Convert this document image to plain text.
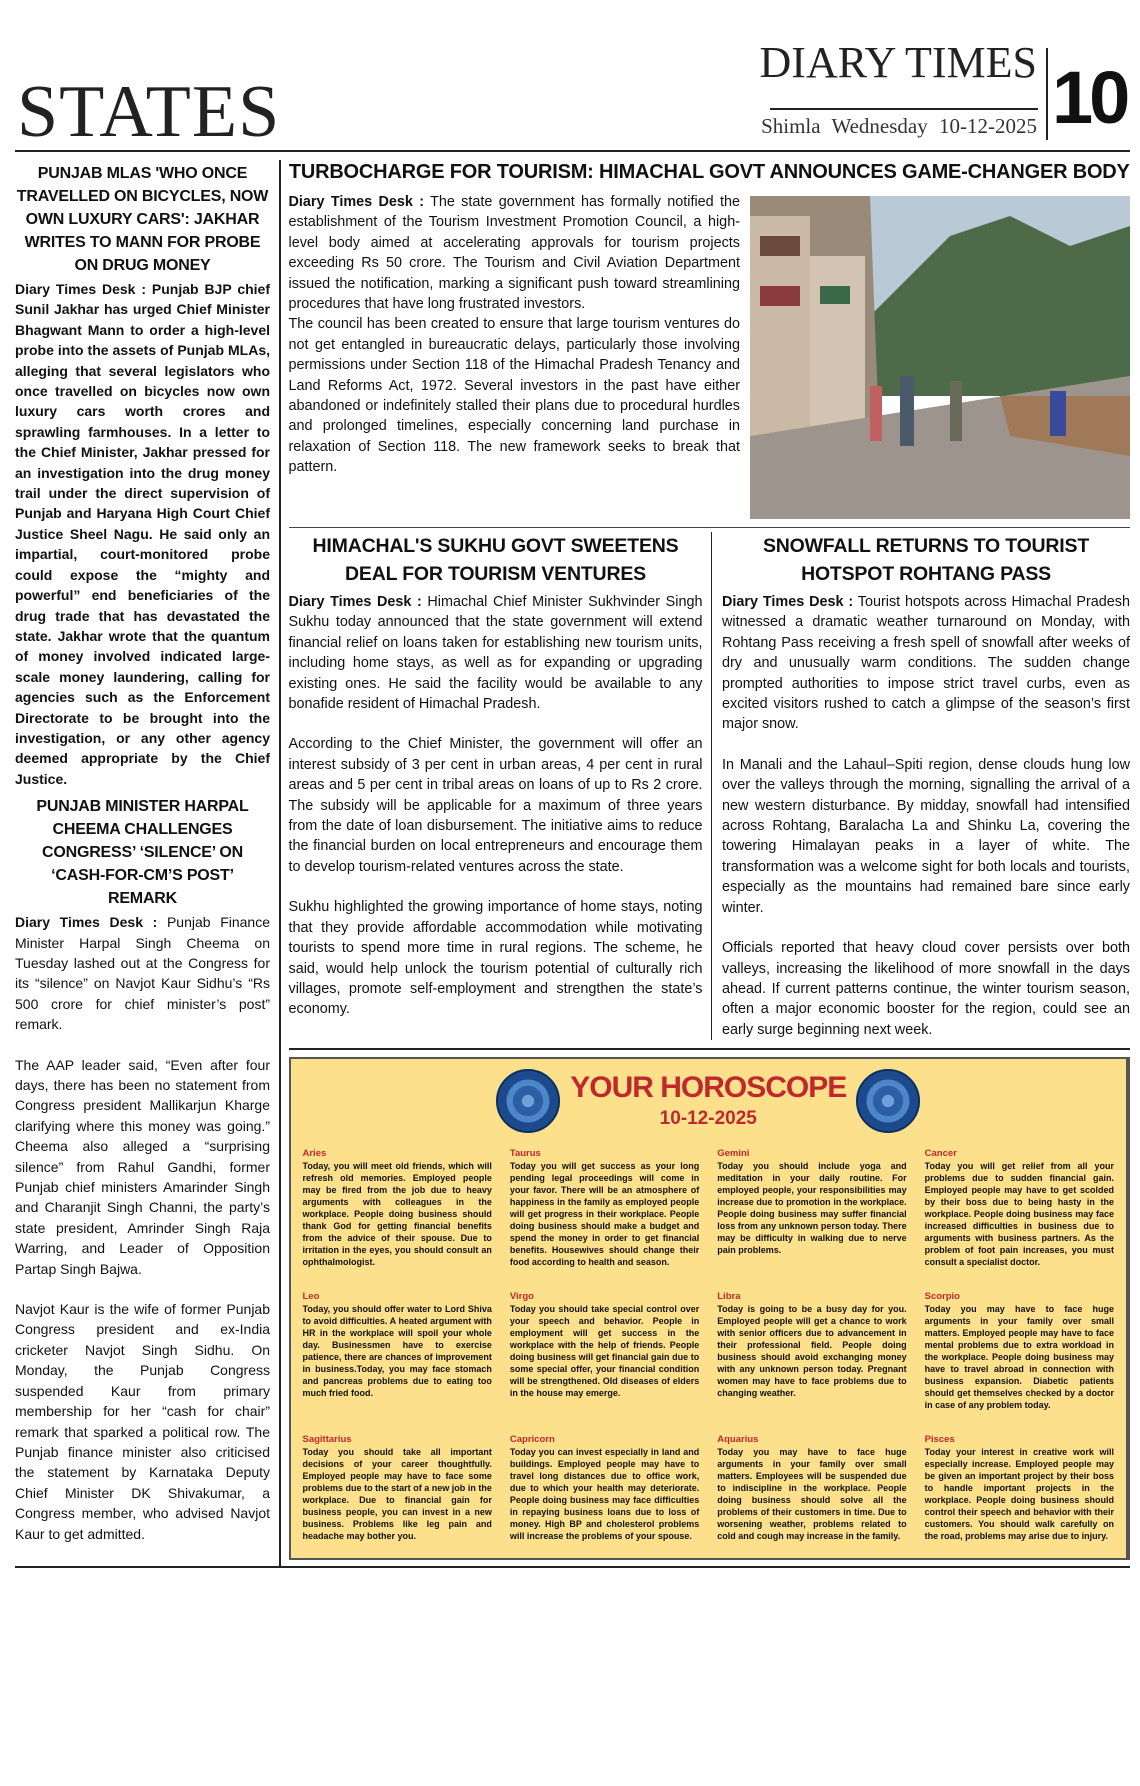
STATES
DIARY TIMES
Shimla Wednesday 10-12-2025 10
PUNJAB MLAS 'WHO ONCE TRAVELLED ON BICYCLES, NOW OWN LUXURY CARS': JAKHAR WRITES TO MANN FOR PROBE ON DRUG MONEY
Diary Times Desk : Punjab BJP chief Sunil Jakhar has urged Chief Minister Bhagwant Mann to order a high-level probe into the assets of Punjab MLAs, alleging that several legislators who once travelled on bicycles now own luxury cars worth crores and sprawling farmhouses. In a letter to the Chief Minister, Jakhar pressed for an investigation into the drug money trail under the direct supervision of Punjab and Haryana High Court Chief Justice Sheel Nagu. He said only an impartial, court-monitored probe could expose the “mighty and powerful” end beneficiaries of the drug trade that has devastated the state. Jakhar wrote that the quantum of money involved indicated large-scale money laundering, calling for agencies such as the Enforcement Directorate to be brought into the investigation, or any other agency deemed appropriate by the Chief Justice.
PUNJAB MINISTER HARPAL CHEEMA CHALLENGES CONGRESS’ ‘SILENCE’ ON ‘CASH-FOR-CM’S POST’ REMARK

Diary Times Desk : Punjab Finance Minister Harpal Singh Cheema on Tuesday lashed out at the Congress for its “silence” on Navjot Kaur Sidhu’s “Rs 500 crore for chief minister’s post” remark.

The AAP leader said, “Even after four days, there has been no statement from Congress president Mallikarjun Kharge clarifying where this money was going.” Cheema also alleged a “surprising silence” from Rahul Gandhi, former Punjab chief ministers Amarinder Singh and Charanjit Singh Channi, the party’s state president, Amrinder Singh Raja Warring, and Leader of Opposition Partap Singh Bajwa.

Navjot Kaur is the wife of former Punjab Congress president and ex-India cricketer Navjot Singh Sidhu. On Monday, the Punjab Congress suspended Kaur from primary membership for her “cash for chair” remark that sparked a political row. The Punjab finance minister also criticised the statement by Karnataka Deputy Chief Minister DK Shivakumar, a Congress member, who advised Navjot Kaur to get admitted.

TURBOCHARGE FOR TOURISM: HIMACHAL GOVT ANNOUNCES GAME-CHANGER BODY

Diary Times Desk : The state government has formally notified the establishment of the Tourism Investment Promotion Council, a high-level body aimed at accelerating approvals for tourism projects exceeding Rs 50 crore. The Tourism and Civil Aviation Department issued the notification, marking a significant push toward streamlining procedures that have long frustrated investors.

The council has been created to ensure that large tourism ventures do not get entangled in bureaucratic delays, particularly those involving permissions under Section 118 of the Himachal Pradesh Tenancy and Land Reforms Act, 1972. Several investors in the past have either abandoned or indefinitely stalled their plans due to procedural hurdles and prolonged timelines, especially concerning land purchase in relaxation of Section 118. The new framework seeks to break that pattern.

HIMACHAL'S SUKHU GOVT SWEETENS DEAL FOR TOURISM VENTURES

Diary Times Desk : Himachal Chief Minister Sukhvinder Singh Sukhu today announced that the state government will extend financial relief on loans taken for establishing new tourism units, including home stays, as well as for expanding or upgrading existing ones. He said the facility would be available to any bonafide resident of Himachal Pradesh.

According to the Chief Minister, the government will offer an interest subsidy of 3 per cent in urban areas, 4 per cent in rural areas and 5 per cent in tribal areas on loans of up to Rs 2 crore. The subsidy will be applicable for a maximum of three years from the date of loan disbursement. The initiative aims to reduce the financial burden on local entrepreneurs and encourage them to develop tourism-related ventures across the state.

Sukhu highlighted the growing importance of home stays, noting that they provide affordable accommodation while motivating tourists to spend more time in rural regions. The scheme, he said, would help unlock the tourism potential of culturally rich villages, promote self-employment and strengthen the state’s economy.

SNOWFALL RETURNS TO TOURIST HOTSPOT ROHTANG PASS

Diary Times Desk : Tourist hotspots across Himachal Pradesh witnessed a dramatic weather turnaround on Monday, with Rohtang Pass receiving a fresh spell of snowfall after weeks of dry and unusually warm conditions. The sudden change prompted authorities to impose strict travel curbs, even as excited visitors rushed to catch a glimpse of the season’s first major snow.

In Manali and the Lahaul–Spiti region, dense clouds hung low over the valleys through the morning, signalling the arrival of a new western disturbance. By midday, snowfall had intensified across Rohtang, Baralacha La and Shinku La, covering the towering Himalayan peaks in a layer of white. The transformation was a welcome sight for both locals and tourists, especially as the mountains had remained bare since early winter.

Officials reported that heavy cloud cover persists over both valleys, increasing the likelihood of more snowfall in the days ahead. If current patterns continue, the winter tourism season, often a major economic booster for the region, could see an early surge beginning next week.

YOUR HOROSCOPE
10-12-2025
Aries
Today, you will meet old friends, which will refresh old memories. Employed people may be fired from the job due to heavy arguments with colleagues in the workplace. People doing business should thank God for getting financial benefits from the advice of their spouse. Due to irritation in the eyes, you should consult an ophthalmologist.
Taurus
Today you will get success as your long pending legal proceedings will come in your favor. There will be an atmosphere of happiness in the family as employed people will get progress in their workplace. People doing business should make a budget and spend the money in order to get financial benefits. Housewives should change their food according to health and season.
Gemini
Today you should include yoga and meditation in your daily routine. For employed people, your responsibilities may increase due to promotion in the workplace. People doing business may suffer financial loss from any unknown person today. There may be difficulty in walking due to nerve pain problems.
Cancer
Today you will get relief from all your problems due to sudden financial gain. Employed people may have to get scolded by their boss due to being hasty in the workplace. People doing business may face increased difficulties in business due to arguments with business partners. As the problem of foot pain increases, you must consult a specialist doctor.
Leo
Today, you should offer water to Lord Shiva to avoid difficulties. A heated argument with HR in the workplace will spoil your whole day. Businessmen have to exercise patience, there are chances of improvement in business.Today, you may face stomach and pancreas problems due to eating too much fried food.
Virgo
Today you should take special control over your speech and behavior. People in employment will get success in the workplace with the help of friends. People doing business will get financial gain due to some special offer, your financial condition will be strengthened. Old diseases of elders in the house may emerge.
Libra
Today is going to be a busy day for you. Employed people will get a chance to work with senior officers due to advancement in their professional field. People doing business should avoid exchanging money with any unknown person today. Pregnant women may have to face problems due to changing weather.
Scorpio
Today you may have to face huge arguments in your family over small matters. Employed people may have to face mental problems due to extra workload in the workplace. People doing business may have to travel abroad in connection with business expansion. Diabetic patients should get themselves checked by a doctor in case of any problem today.
Sagittarius
Today you should take all important decisions of your career thoughtfully. Employed people may have to face some problems due to the start of a new job in the workplace. Due to financial gain for business people, you can invest in a new business. Problems like leg pain and headache may bother you.
Capricorn
Today you can invest especially in land and buildings. Employed people may have to travel long distances due to office work, due to which your health may deteriorate. People doing business may face difficulties in repaying business loans due to loss of money. High BP and cholesterol problems will increase the problems of your spouse.
Aquarius
Today you may have to face huge arguments in your family over small matters. Employees will be suspended due to indiscipline in the workplace. People doing business should solve all the problems of their customers in time. Due to worsening weather, problems related to cold and cough may increase in the family.
Pisces
Today your interest in creative work will especially increase. Employed people may be given an important project by their boss to handle important projects in the workplace. People doing business should control their speech and behavior with their customers. You should walk carefully on the road, problems may arise due to injury.
